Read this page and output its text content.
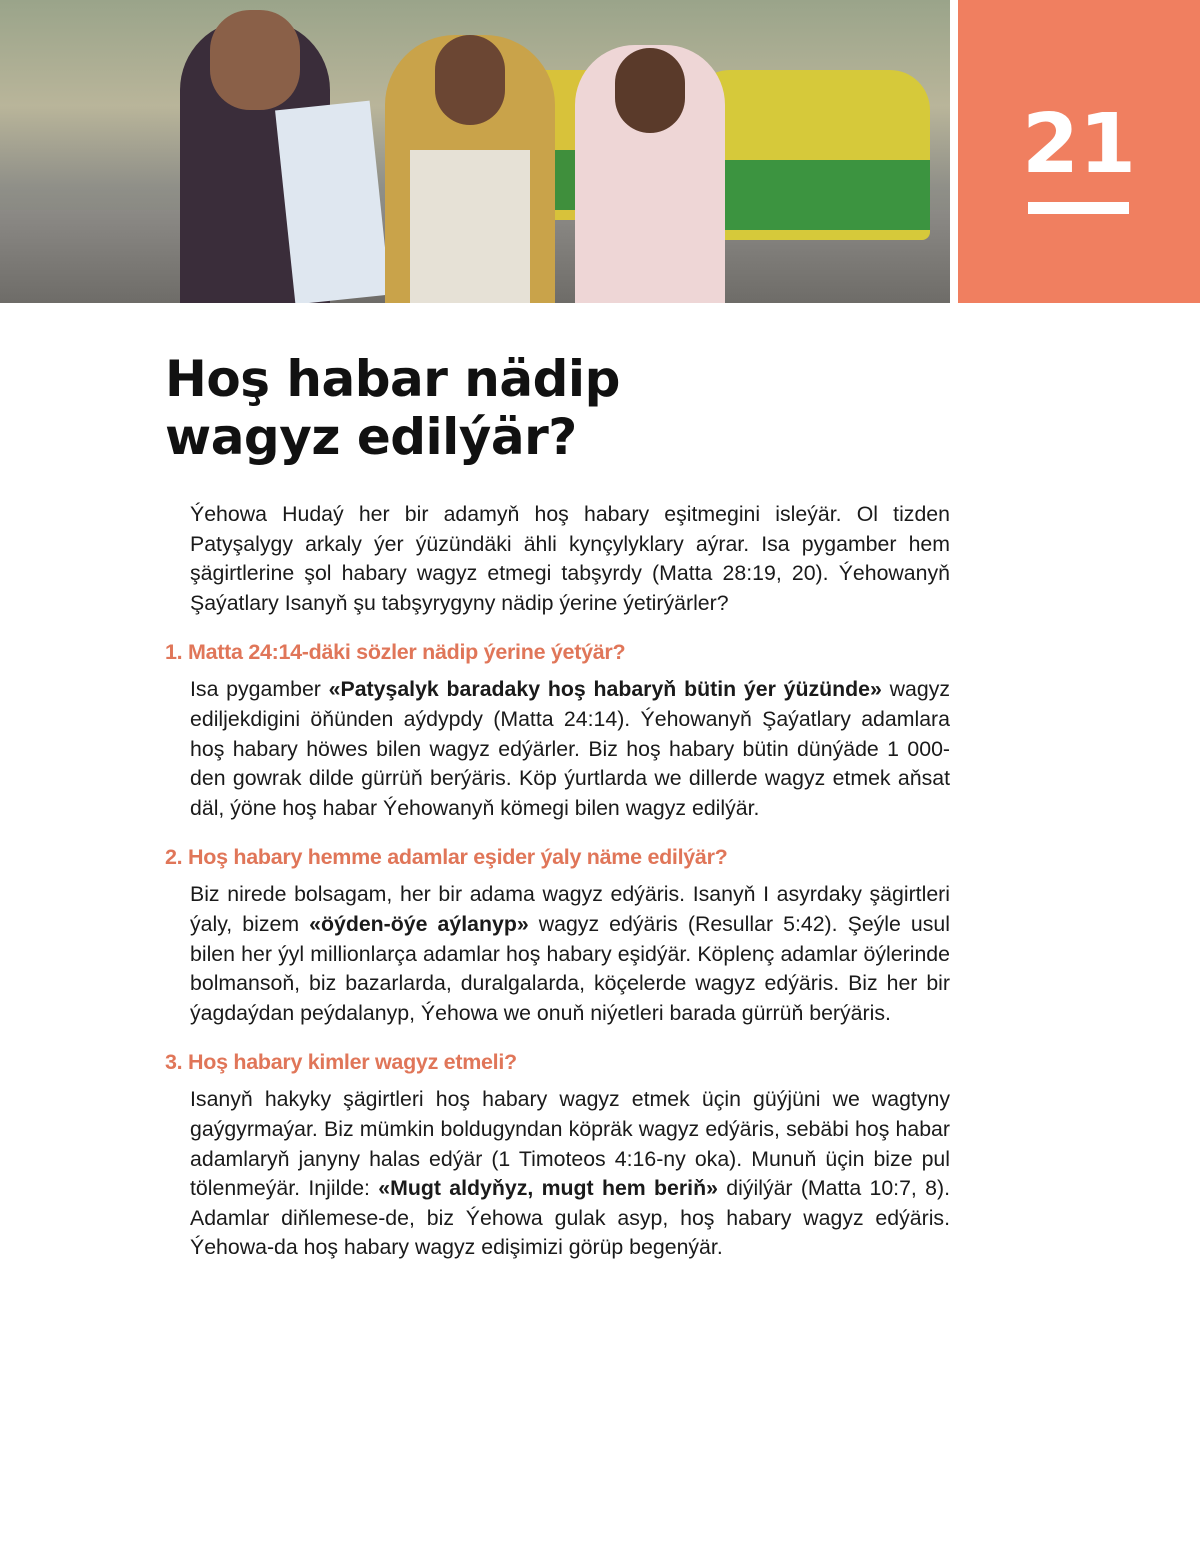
21
Hoş habar nädip
wagyz edilýär?

Ýehowa Hudaý her bir adamyň hoş habary eşitmegini isleýär. Ol tizden Patyşalygy arkaly ýer ýüzündäki ähli kynçylyklary aýrar. Isa pygamber hem şägirtlerine şol habary wagyz etmegi tabşyrdy (Matta 28:19, 20). Ýehowanyň Şaýatlary Isanyň şu tabşyrygyny nädip ýerine ýetirýärler?

1. Matta 24:14-däki sözler nädip ýerine ýetýär?

Isa pygamber «Patyşalyk baradaky hoş habaryň bütin ýer ýüzünde» wagyz ediljekdigini öňünden aýdypdy (Matta 24:14). Ýehowanyň Şaýatlary adamlara hoş habary höwes bilen wagyz edýärler. Biz hoş habary bütin dünýäde 1 000-den gowrak dilde gürrüň berýäris. Köp ýurtlarda we dillerde wagyz etmek aňsat däl, ýöne hoş habar Ýehowanyň kömegi bilen wagyz edilýär.

2. Hoş habary hemme adamlar eşider ýaly näme edilýär?

Biz nirede bolsagam, her bir adama wagyz edýäris. Isanyň I asyrdaky şägirtleri ýaly, bizem «öýden-öýe aýlanyp» wagyz edýäris (Resullar 5:42). Şeýle usul bilen her ýyl millionlarça adamlar hoş habary eşidýär. Köplenç adamlar öýlerinde bolmansoň, biz bazarlarda, duralgalarda, köçelerde wagyz edýäris. Biz her bir ýagdaýdan peýdalanyp, Ýehowa we onuň niýetleri barada gürrüň berýäris.

3. Hoş habary kimler wagyz etmeli?

Isanyň hakyky şägirtleri hoş habary wagyz etmek üçin güýjüni we wagtyny gaýgyrmaýar. Biz mümkin boldugyndan köpräk wagyz edýäris, sebäbi hoş habar adamlaryň janyny halas edýär (1 Timoteos 4:16-ny oka). Munuň üçin bize pul tölenmeýär. Injilde: «Mugt aldyňyz, mugt hem beriň» diýilýär (Matta 10:7, 8). Adamlar diňlemese-de, biz Ýehowa gulak asyp, hoş habary wagyz edýäris. Ýehowa-da hoş habary wagyz edişimizi görüp begenýär.
